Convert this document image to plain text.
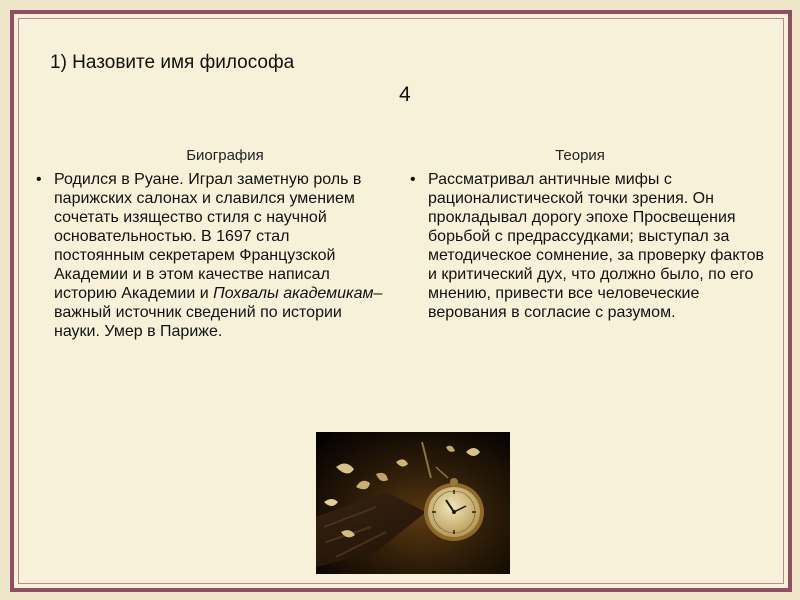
1) Назовите имя философа
4
Биография

• Родился в Руане. Играл заметную роль в парижских салонах и славился умением сочетать изящество стиля с научной основательностью. В 1697 стал постоянным секретарем Французской Академии и в этом качестве написал историю Академии и Похвалы академикам– важный источник сведений по истории науки. Умер в Париже.

Теория

• Рассматривал античные мифы с рационалистической точки зрения. Он прокладывал дорогу эпохе Просвещения борьбой с предрассудками; выступал за методическое сомнение, за проверку фактов и критический дух, что должно было, по его мнению, привести все человеческие верования в согласие с разумом.
